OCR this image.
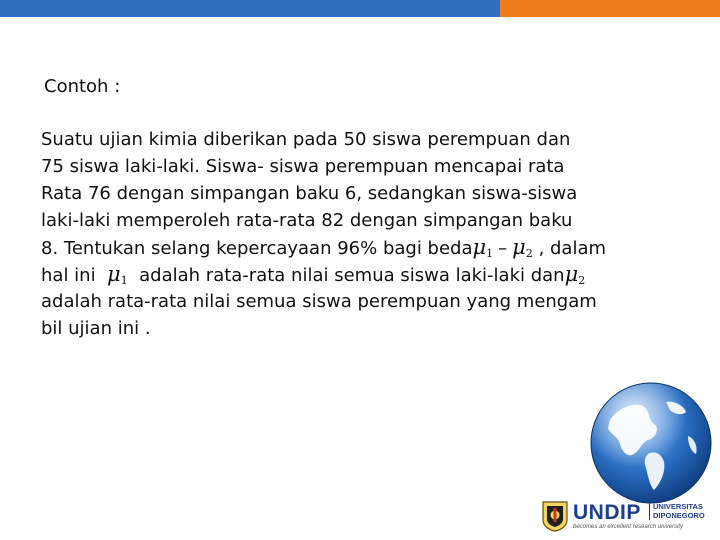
Contoh :
Suatu ujian kimia diberikan pada 50 siswa perempuan dan
75 siswa laki-laki. Siswa- siswa perempuan mencapai rata
Rata 76 dengan simpangan baku 6, sedangkan siswa-siswa
laki-laki memperoleh rata-rata 82 dengan simpangan baku
8. Tentukan selang kepercayaan 96% bagi bedaμ$_1$ – $\mu_2$ , dalam
hal ini $\mu_1$ adalah rata-rata nilai semua siswa laki-laki danμ$_2$
adalah rata-rata nilai semua siswa perempuan yang mengam
bil ujian ini .
UNDIP UNIVERSITAS
DIPONEGORO
becomes an excellent research university
